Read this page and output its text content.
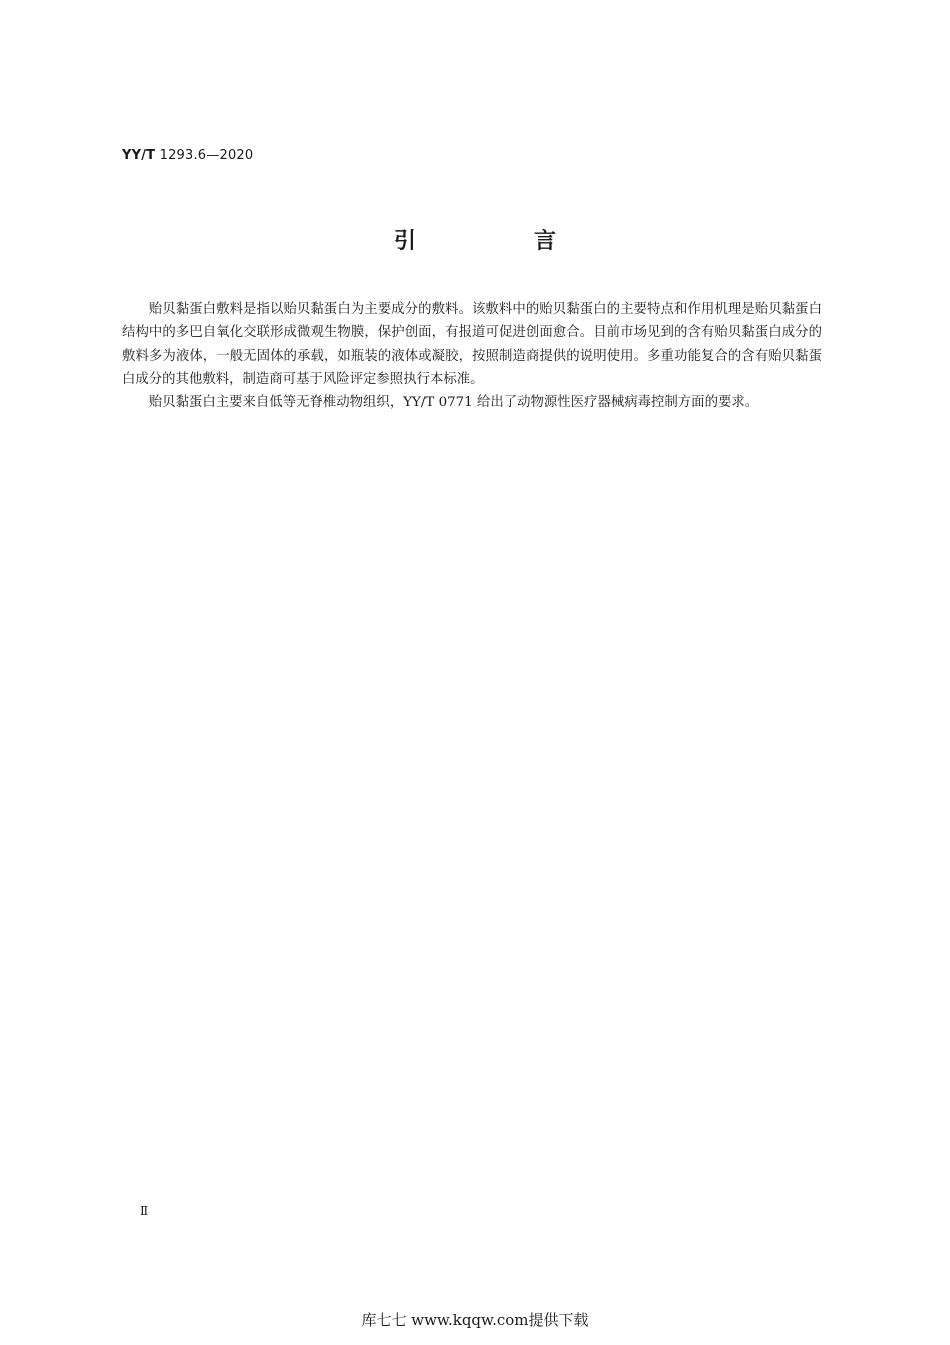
YY/T 1293.6—2020
引　言

贻贝黏蛋白敷料是指以贻贝黏蛋白为主要成分的敷料。该敷料中的贻贝黏蛋白的主要特点和作用机理是贻贝黏蛋白结构中的多巴自氧化交联形成微观生物膜，保护创面，有报道可促进创面愈合。目前市场见到的含有贻贝黏蛋白成分的敷料多为液体，一般无固体的承载，如瓶装的液体或凝胶，按照制造商提供的说明使用。多重功能复合的含有贻贝黏蛋白成分的其他敷料，制造商可基于风险评定参照执行本标准。

贻贝黏蛋白主要来自低等无脊椎动物组织，YY/T 0771 给出了动物源性医疗器械病毒控制方面的要求。

Ⅱ
库七七 www.kqqw.com提供下载
